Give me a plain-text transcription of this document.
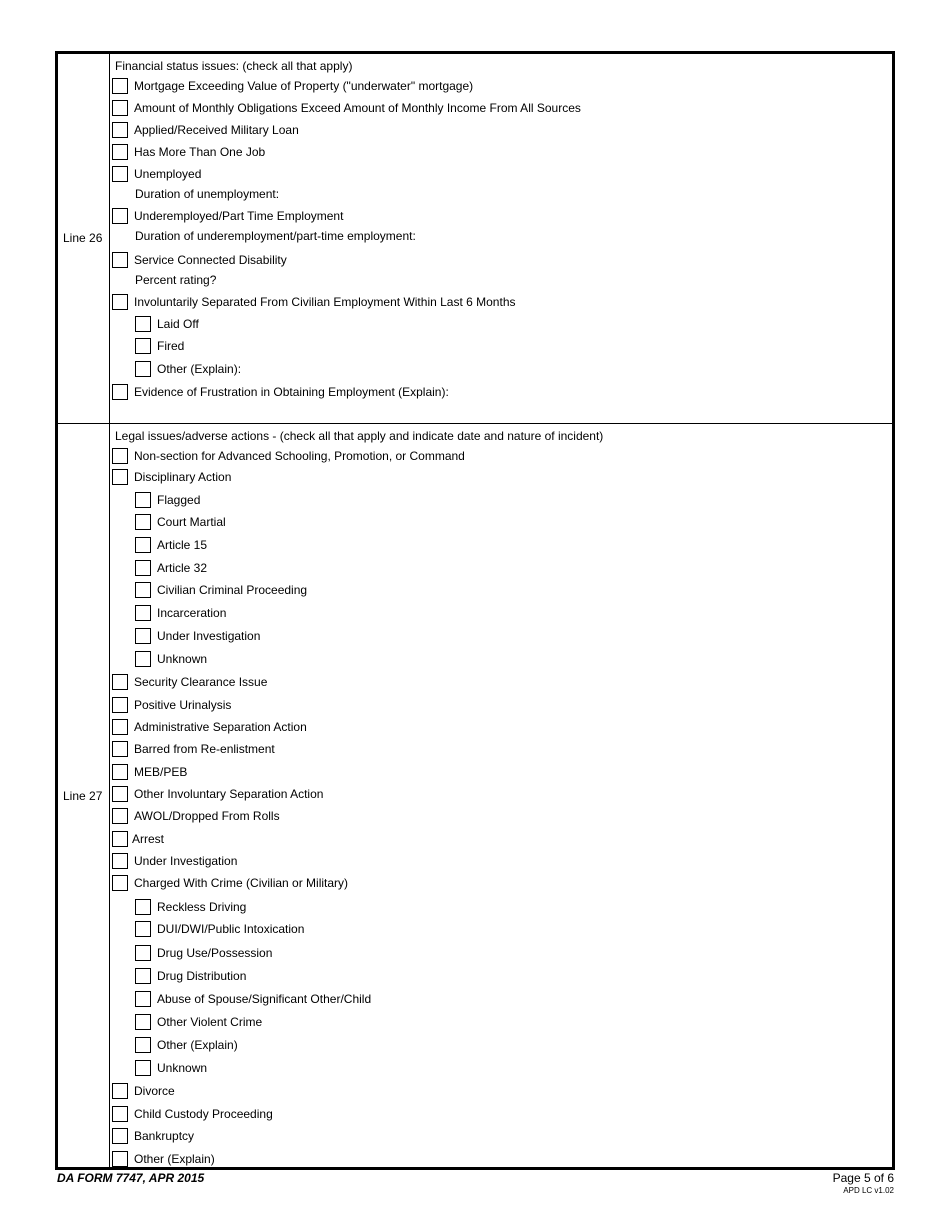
Line 26
Financial status issues: (check all that apply)
Mortgage Exceeding Value of Property ("underwater" mortgage)
Amount of Monthly Obligations Exceed Amount of Monthly Income From All Sources
Applied/Received Military Loan
Has More Than One Job
Unemployed
Duration of unemployment:
Underemployed/Part Time Employment
Duration of underemployment/part-time employment:
Service Connected Disability
Percent rating?
Involuntarily Separated From Civilian Employment Within Last 6 Months
Laid Off
Fired
Other (Explain):
Evidence of Frustration in Obtaining Employment (Explain):
Line 27
Legal issues/adverse actions - (check all that apply and indicate date and nature of incident)
Non-section for Advanced Schooling, Promotion, or Command
Disciplinary Action
Flagged
Court Martial
Article 15
Article 32
Civilian Criminal Proceeding
Incarceration
Under Investigation
Unknown
Security Clearance Issue
Positive Urinalysis
Administrative Separation Action
Barred from Re-enlistment
MEB/PEB
Other Involuntary Separation Action
AWOL/Dropped From Rolls
Arrest
Under Investigation
Charged With Crime (Civilian or Military)
Reckless Driving
DUI/DWI/Public Intoxication
Drug Use/Possession
Drug Distribution
Abuse of Spouse/Significant Other/Child
Other Violent Crime
Other (Explain)
Unknown
Divorce
Child Custody Proceeding
Bankruptcy
Other (Explain)
DA FORM 7747, APR 2015	Page 5 of 6
APD LC v1.02
